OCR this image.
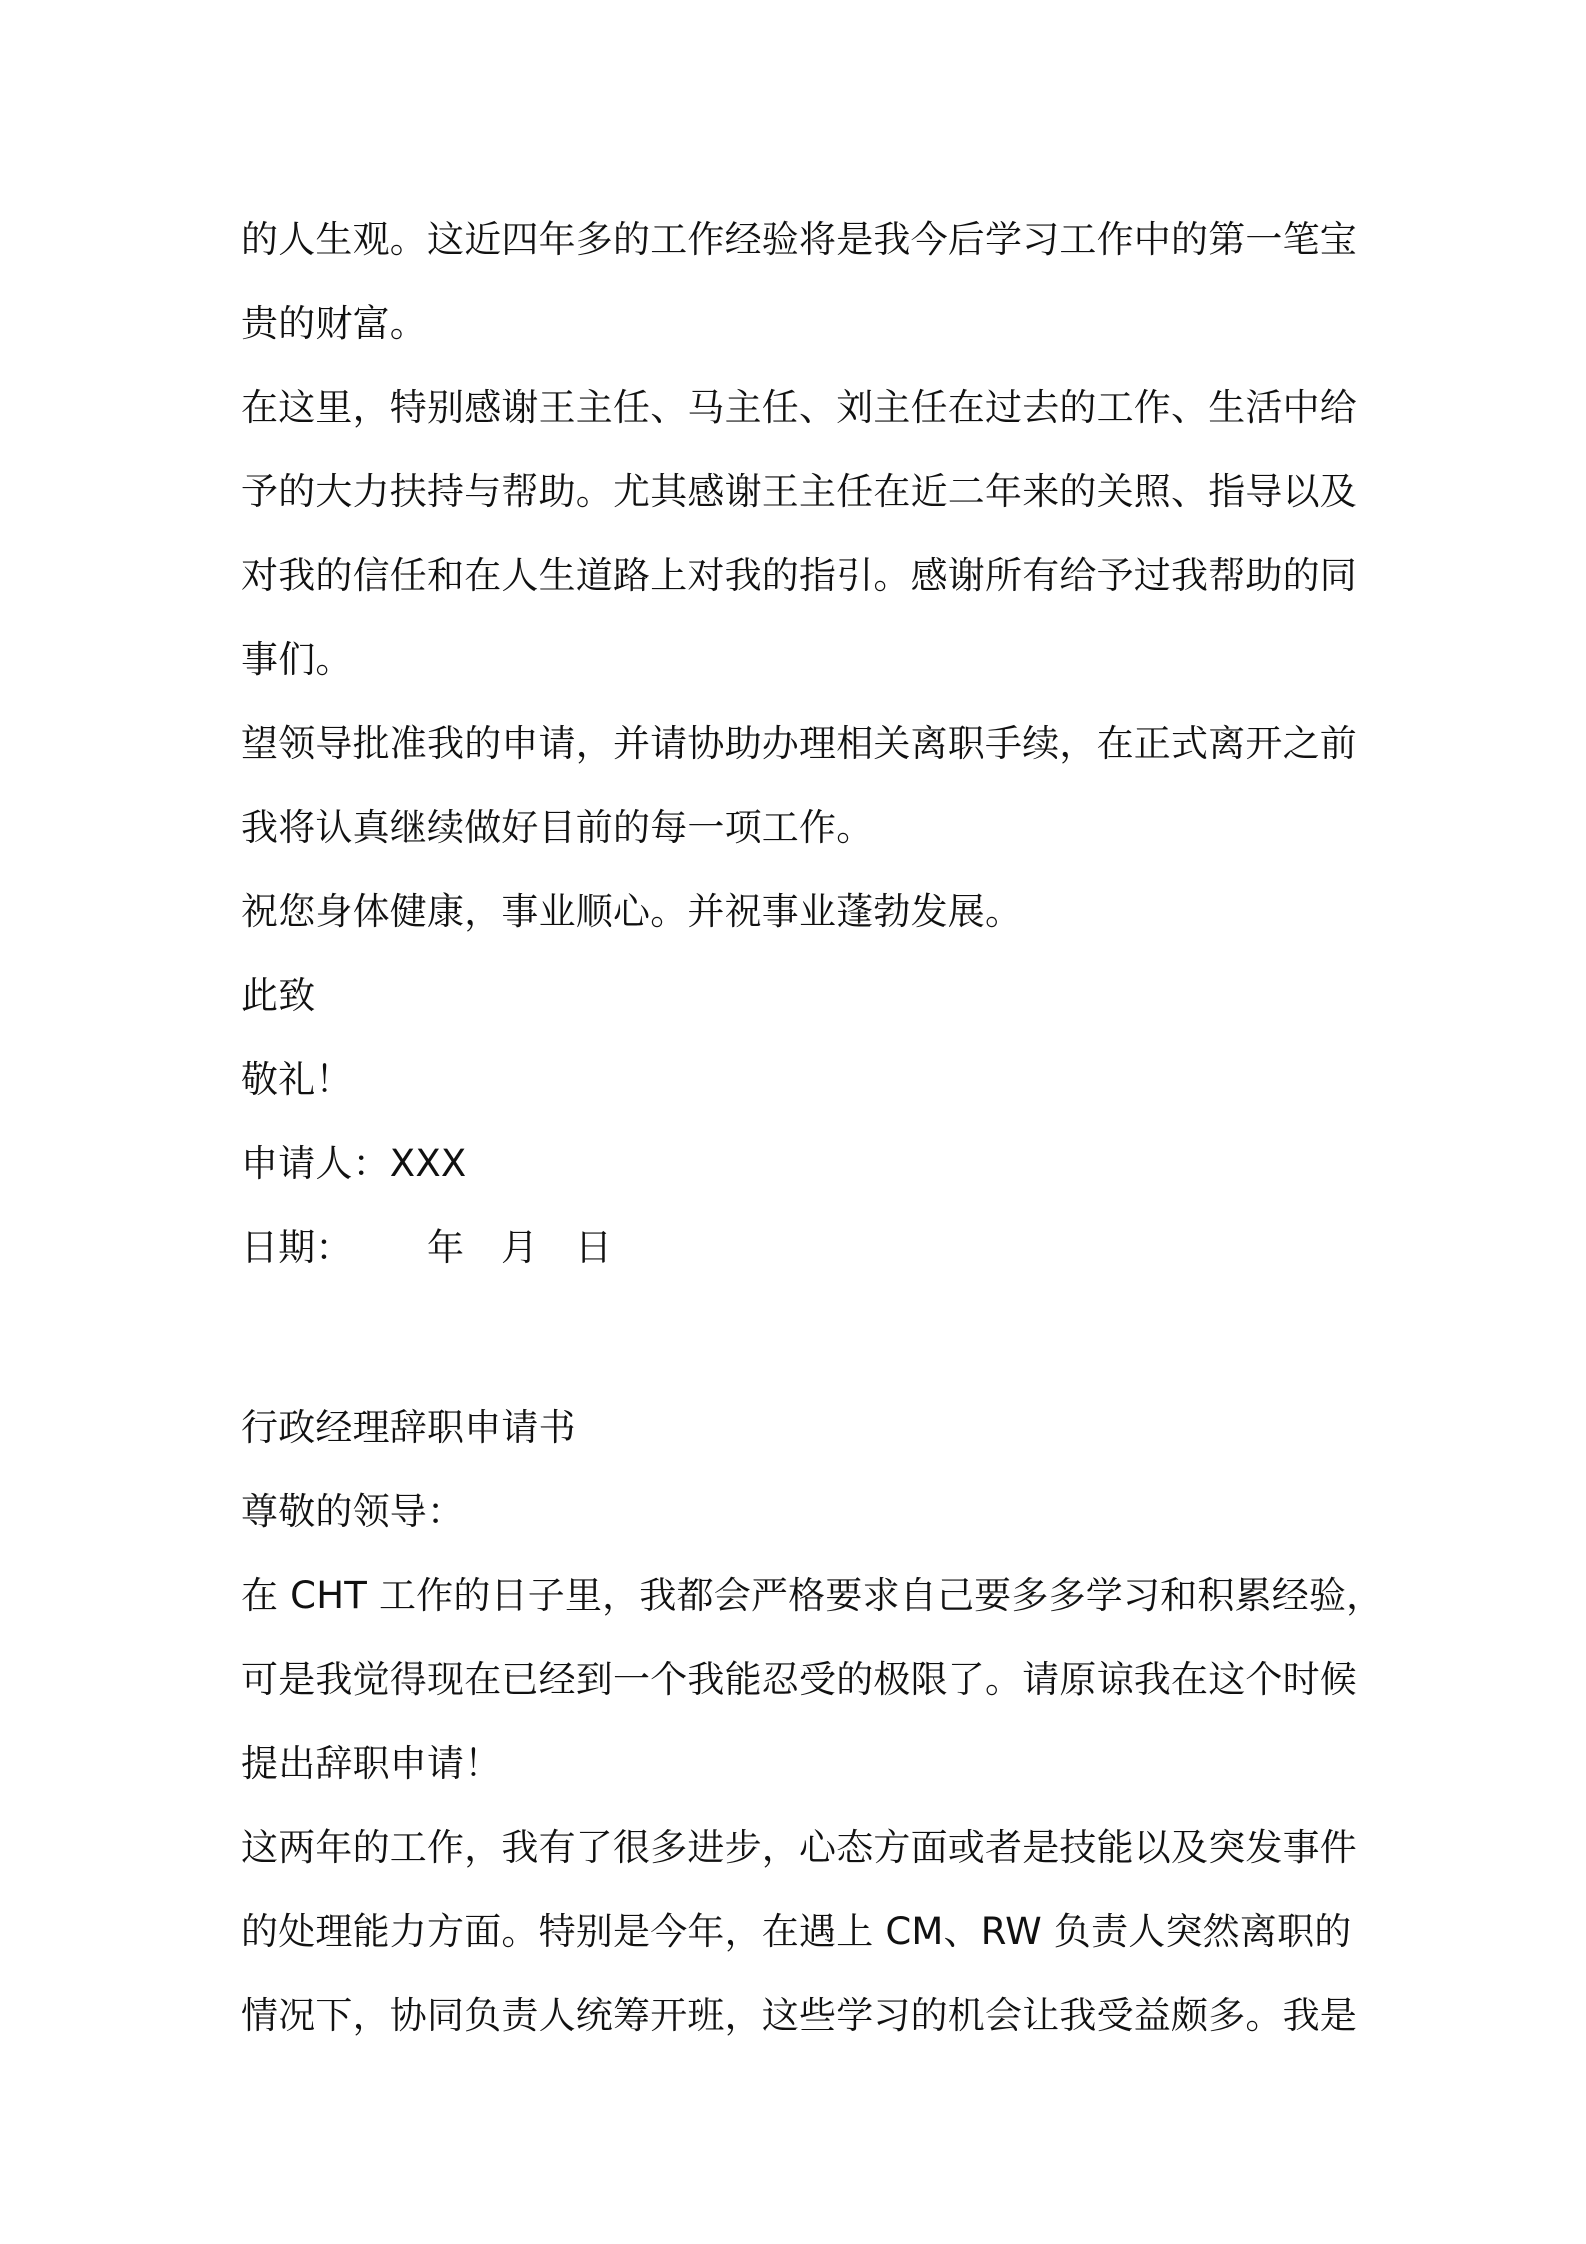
的人生观。这近四年多的工作经验将是我今后学习工作中的第一笔宝
贵的财富。
在这里，特别感谢王主任、马主任、刘主任在过去的工作、生活中给
予的大力扶持与帮助。尤其感谢王主任在近二年来的关照、指导以及
对我的信任和在人生道路上对我的指引。感谢所有给予过我帮助的同
事们。
望领导批准我的申请，并请协助办理相关离职手续，在正式离开之前
我将认真继续做好目前的每一项工作。
祝您身体健康，事业顺心。并祝事业蓬勃发展。
此致
敬礼！
申请人：XXX
日期： 年 月 日
行政经理辞职申请书
尊敬的领导：
在 CHT 工作的日子里，我都会严格要求自己要多多学习和积累经验，
可是我觉得现在已经到一个我能忍受的极限了。请原谅我在这个时候
提出辞职申请！
这两年的工作，我有了很多进步，心态方面或者是技能以及突发事件
的处理能力方面。特别是今年，在遇上 CM、RW 负责人突然离职的
情况下，协同负责人统筹开班，这些学习的机会让我受益颇多。我是
